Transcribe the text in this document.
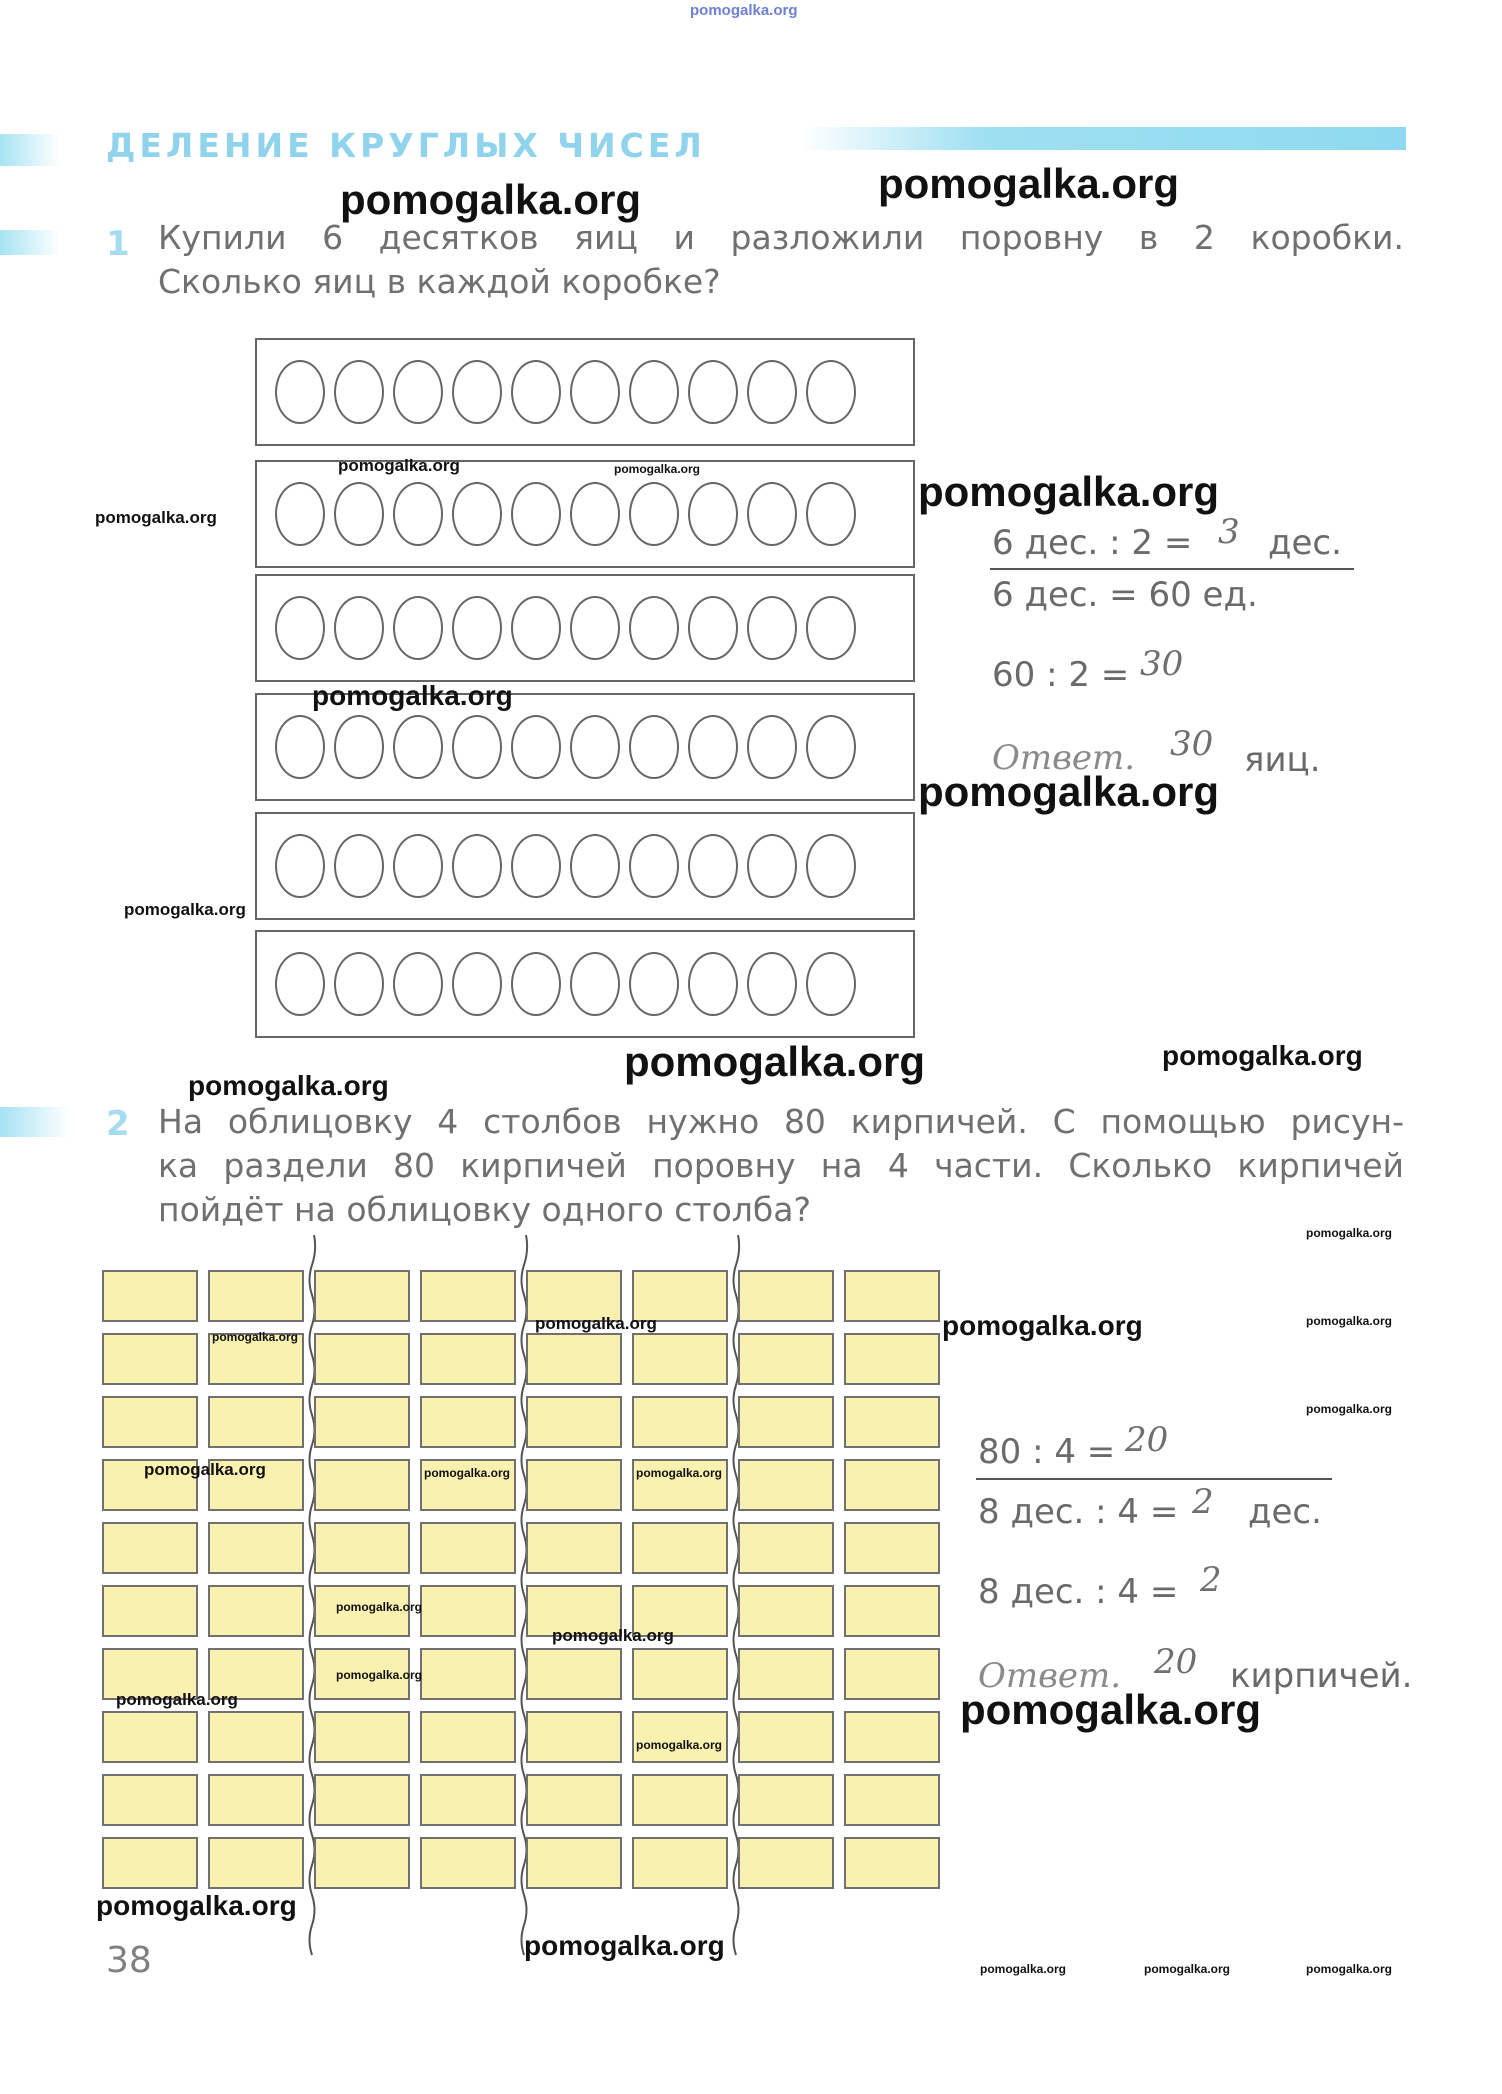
pomogalka.org
ДЕЛЕНИЕ КРУГЛЫХ ЧИСЕЛ
1 Купили 6 десятков яиц и разложили поровну в 2 коробки.
Сколько яиц в каждой коробке?
6 дес. : 2 = 3 дес.
6 дес. = 60 ед.
60 : 2 = 30
Ответ. 30 яиц.
2 На облицовку 4 столбов нужно 80 кирпичей. С помощью рисун-
ка раздели 80 кирпичей поровну на 4 части. Сколько кирпичей
пойдёт на облицовку одного столба?
80 : 4 = 20
8 дес. : 4 = 2 дес.
8 дес. : 4 = 2
Ответ. 20 кирпичей.
38
pomogalka.org	pomogalka.org
pomogalka.org	pomogalka.org
pomogalka.org
pomogalka.org
pomogalka.org
pomogalka.org
pomogalka.org
pomogalka.org	pomogalka.org
pomogalka.org
pomogalka.org
pomogalka.org	pomogalka.org
pomogalka.org
pomogalka.org
pomogalka.org
pomogalka.org	pomogalka.org	pomogalka.org
pomogalka.org
pomogalka.org
pomogalka.org
pomogalka.org	pomogalka.org
pomogalka.org
pomogalka.org
pomogalka.org
pomogalka.org	pomogalka.org	pomogalka.org
